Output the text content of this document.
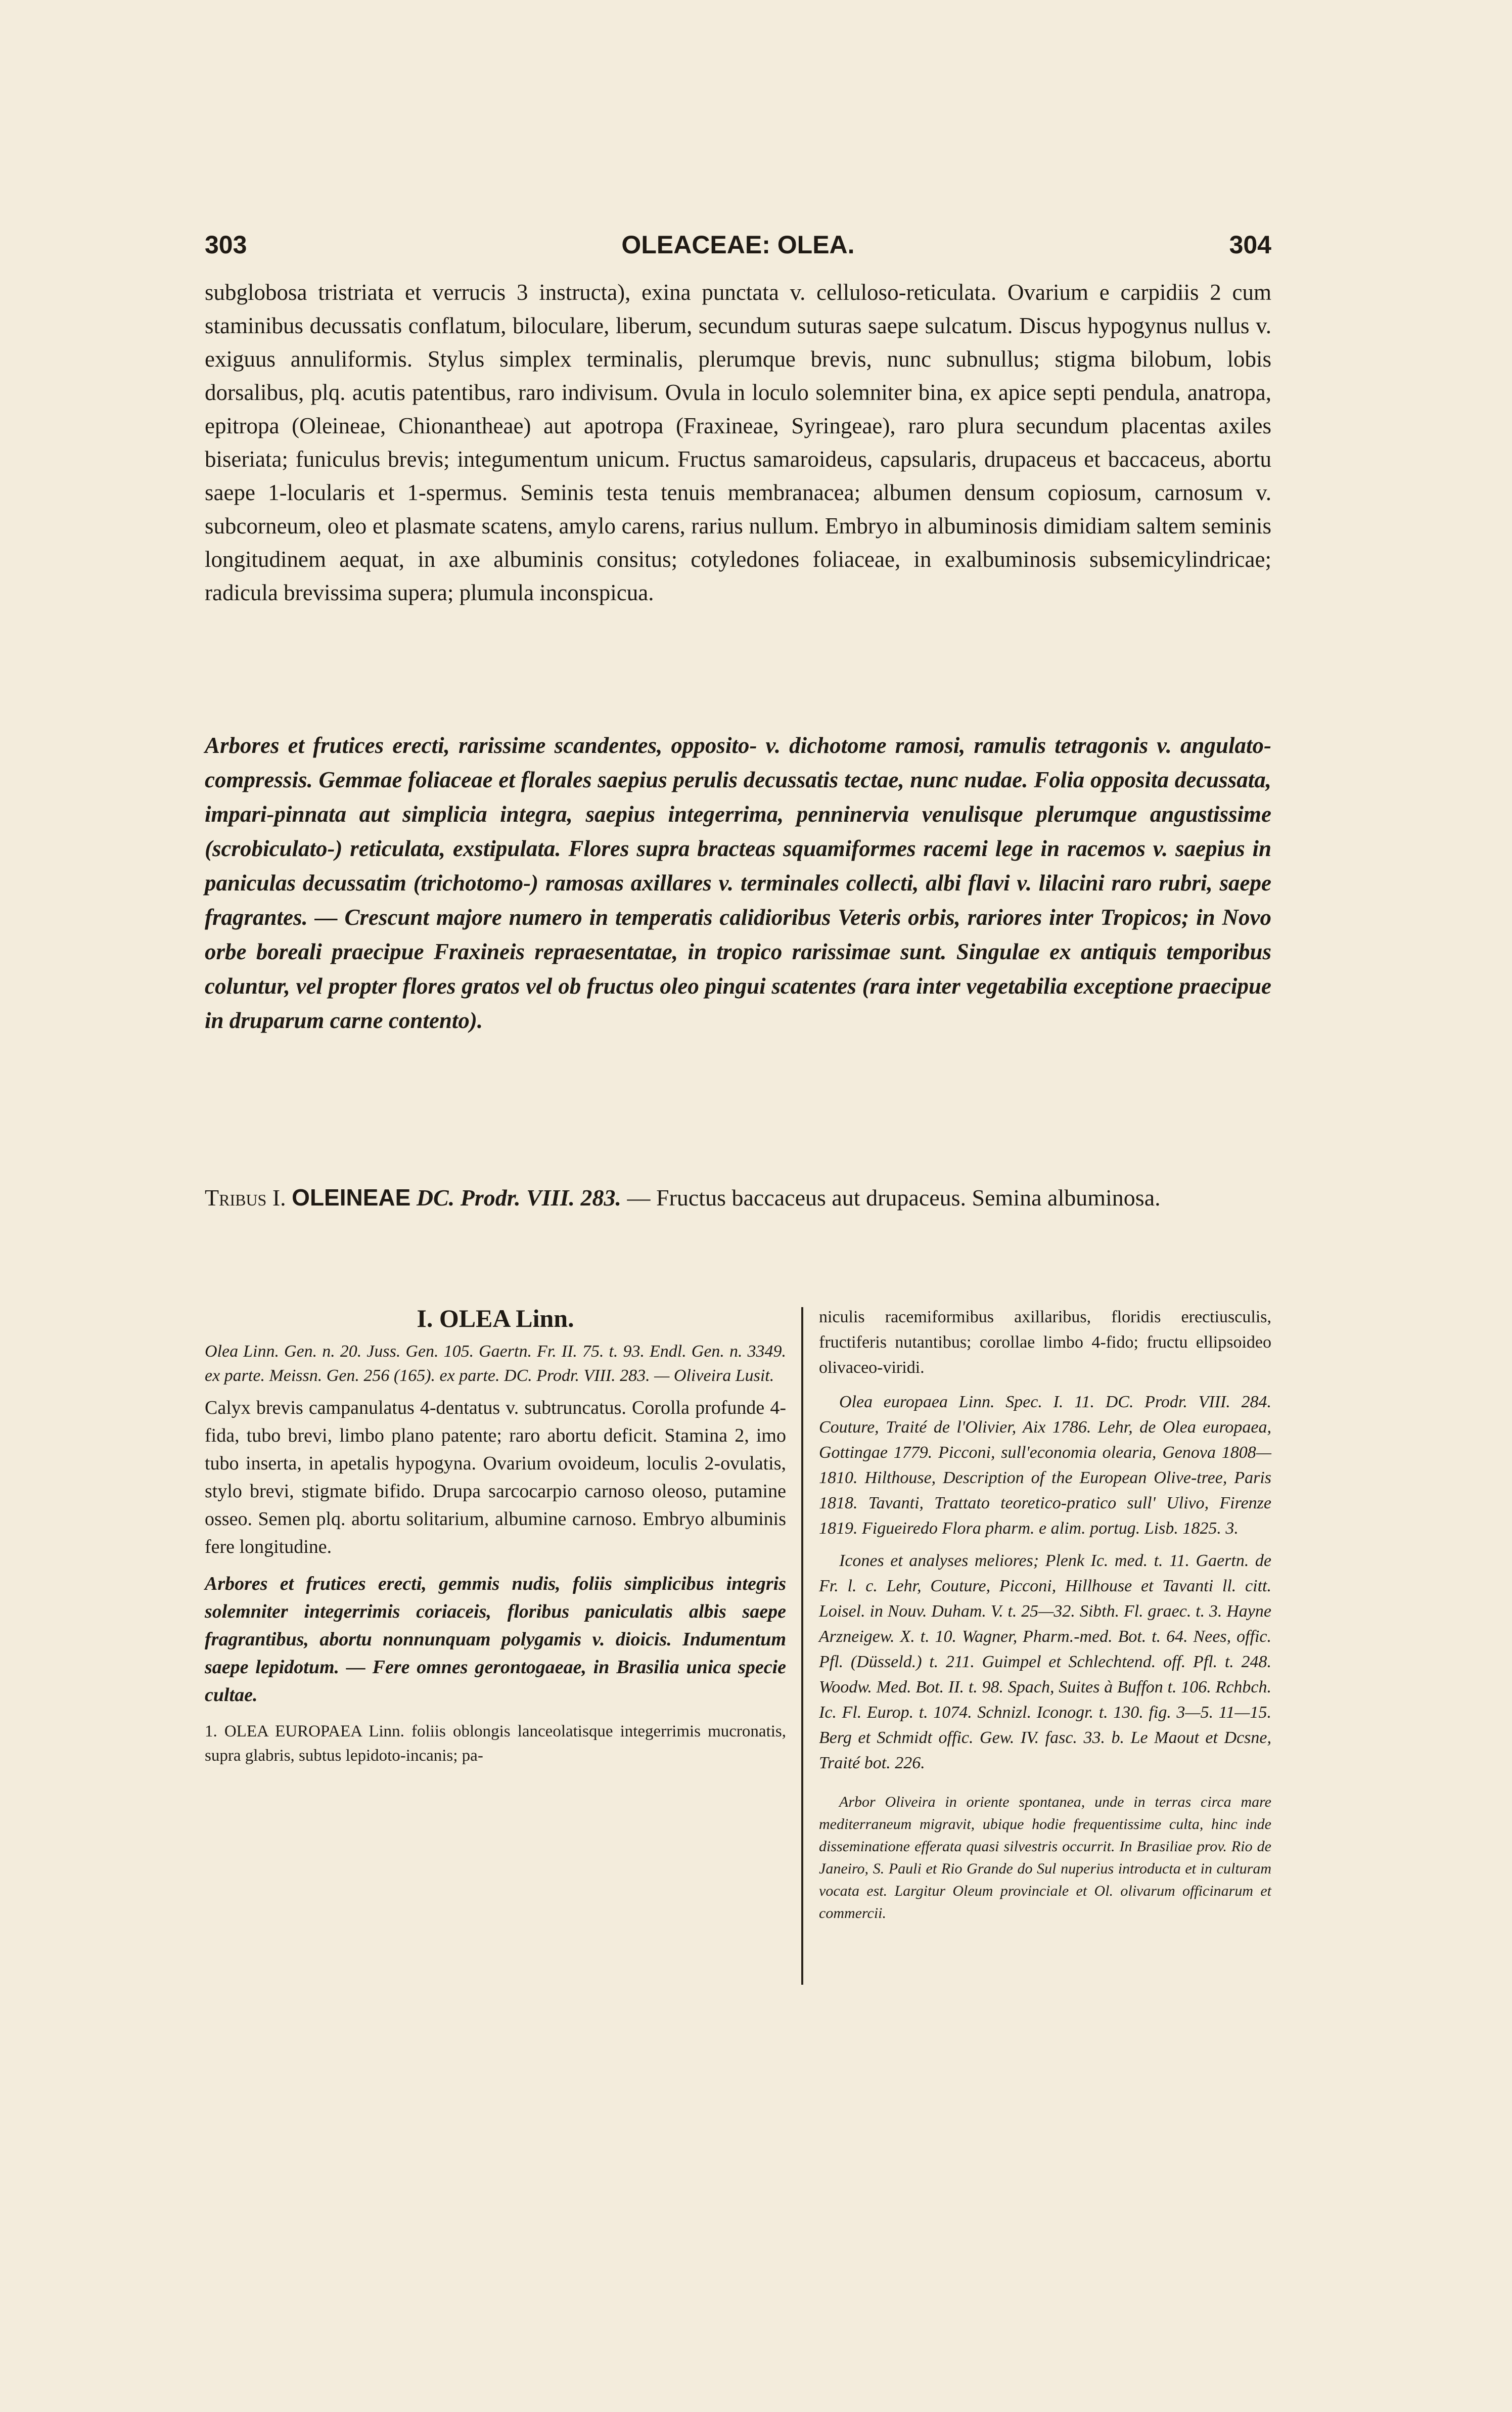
303	OLEACEAE: OLEA.	304

subglobosa tristriata et verrucis 3 instructa), exina punctata v. celluloso-reticulata. Ovarium e carpidiis 2 cum staminibus decussatis conflatum, biloculare, liberum, secundum suturas saepe sulcatum. Discus hypogynus nullus v. exiguus annuliformis. Stylus simplex terminalis, plerumque brevis, nunc subnullus; stigma bilobum, lobis dorsalibus, plq. acutis patentibus, raro indivisum. Ovula in loculo solemniter bina, ex apice septi pendula, anatropa, epitropa (Oleineae, Chionantheae) aut apotropa (Fraxineae, Syringeae), raro plura secundum placentas axiles biseriata; funiculus brevis; integumentum unicum. Fructus samaroideus, capsularis, drupaceus et baccaceus, abortu saepe 1-locularis et 1-spermus. Seminis testa tenuis membranacea; albumen densum copiosum, carnosum v. subcorneum, oleo et plasmate scatens, amylo carens, rarius nullum. Embryo in albuminosis dimidiam saltem seminis longitudinem aequat, in axe albuminis consitus; cotyledones foliaceae, in exalbuminosis subsemicylindricae; radicula brevissima supera; plumula inconspicua.

Arbores et frutices erecti, rarissime scandentes, opposito- v. dichotome ramosi, ramulis tetragonis v. angulato-compressis. Gemmae foliaceae et florales saepius perulis decussatis tectae, nunc nudae. Folia opposita decussata, impari-pinnata aut simplicia integra, saepius integerrima, penninervia venulisque plerumque angustissime (scrobiculato-) reticulata, exstipulata. Flores supra bracteas squamiformes racemi lege in racemos v. saepius in paniculas decussatim (trichotomo-) ramosas axillares v. terminales collecti, albi flavi v. lilacini raro rubri, saepe fragrantes. — Crescunt majore numero in temperatis calidioribus Veteris orbis, rariores inter Tropicos; in Novo orbe boreali praecipue Fraxineis repraesentatae, in tropico rarissimae sunt. Singulae ex antiquis temporibus coluntur, vel propter flores gratos vel ob fructus oleo pingui scatentes (rara inter vegetabilia exceptione praecipue in druparum carne contento).

Tribus I. OLEINEAE DC. Prodr. VIII. 283. — Fructus baccaceus aut drupaceus. Semina albuminosa.

I. OLEA Linn.

Olea Linn. Gen. n. 20. Juss. Gen. 105. Gaertn. Fr. II. 75. t. 93. Endl. Gen. n. 3349. ex parte. Meissn. Gen. 256 (165). ex parte. DC. Prodr. VIII. 283. — Oliveira Lusit.

Calyx brevis campanulatus 4-dentatus v. subtruncatus. Corolla profunde 4-fida, tubo brevi, limbo plano patente; raro abortu deficit. Stamina 2, imo tubo inserta, in apetalis hypogyna. Ovarium ovoideum, loculis 2-ovulatis, stylo brevi, stigmate bifido. Drupa sarcocarpio carnoso oleoso, putamine osseo. Semen plq. abortu solitarium, albumine carnoso. Embryo albuminis fere longitudine.

Arbores et frutices erecti, gemmis nudis, foliis simplicibus integris solemniter integerrimis coriaceis, floribus paniculatis albis saepe fragrantibus, abortu nonnunquam polygamis v. dioicis. Indumentum saepe lepidotum. — Fere omnes gerontogaeae, in Brasilia unica specie cultae.

1. OLEA EUROPAEA Linn. foliis oblongis lanceolatisque integerrimis mucronatis, supra glabris, subtus lepidoto-incanis; pa-

niculis racemiformibus axillaribus, floridis erectiusculis, fructiferis nutantibus; corollae limbo 4-fido; fructu ellipsoideo olivaceo-viridi.

Olea europaea Linn. Spec. I. 11. DC. Prodr. VIII. 284. Couture, Traité de l'Olivier, Aix 1786. Lehr, de Olea europaea, Gottingae 1779. Picconi, sull'economia olearia, Genova 1808—1810. Hilthouse, Description of the European Olive-tree, Paris 1818. Tavanti, Trattato teoretico-pratico sull' Ulivo, Firenze 1819. Figueiredo Flora pharm. e alim. portug. Lisb. 1825. 3.

Icones et analyses meliores; Plenk Ic. med. t. 11. Gaertn. de Fr. l. c. Lehr, Couture, Picconi, Hillhouse et Tavanti ll. citt. Loisel. in Nouv. Duham. V. t. 25—32. Sibth. Fl. graec. t. 3. Hayne Arzneigew. X. t. 10. Wagner, Pharm.-med. Bot. t. 64. Nees, offic. Pfl. (Düsseld.) t. 211. Guimpel et Schlechtend. off. Pfl. t. 248. Woodw. Med. Bot. II. t. 98. Spach, Suites à Buffon t. 106. Rchbch. Ic. Fl. Europ. t. 1074. Schnizl. Iconogr. t. 130. fig. 3—5. 11—15. Berg et Schmidt offic. Gew. IV. fasc. 33. b. Le Maout et Dcsne, Traité bot. 226.

Arbor Oliveira in oriente spontanea, unde in terras circa mare mediterraneum migravit, ubique hodie frequentissime culta, hinc inde disseminatione efferata quasi silvestris occurrit. In Brasiliae prov. Rio de Janeiro, S. Pauli et Rio Grande do Sul nuperius introducta et in culturam vocata est. Largitur Oleum provinciale et Ol. olivarum officinarum et commercii.
